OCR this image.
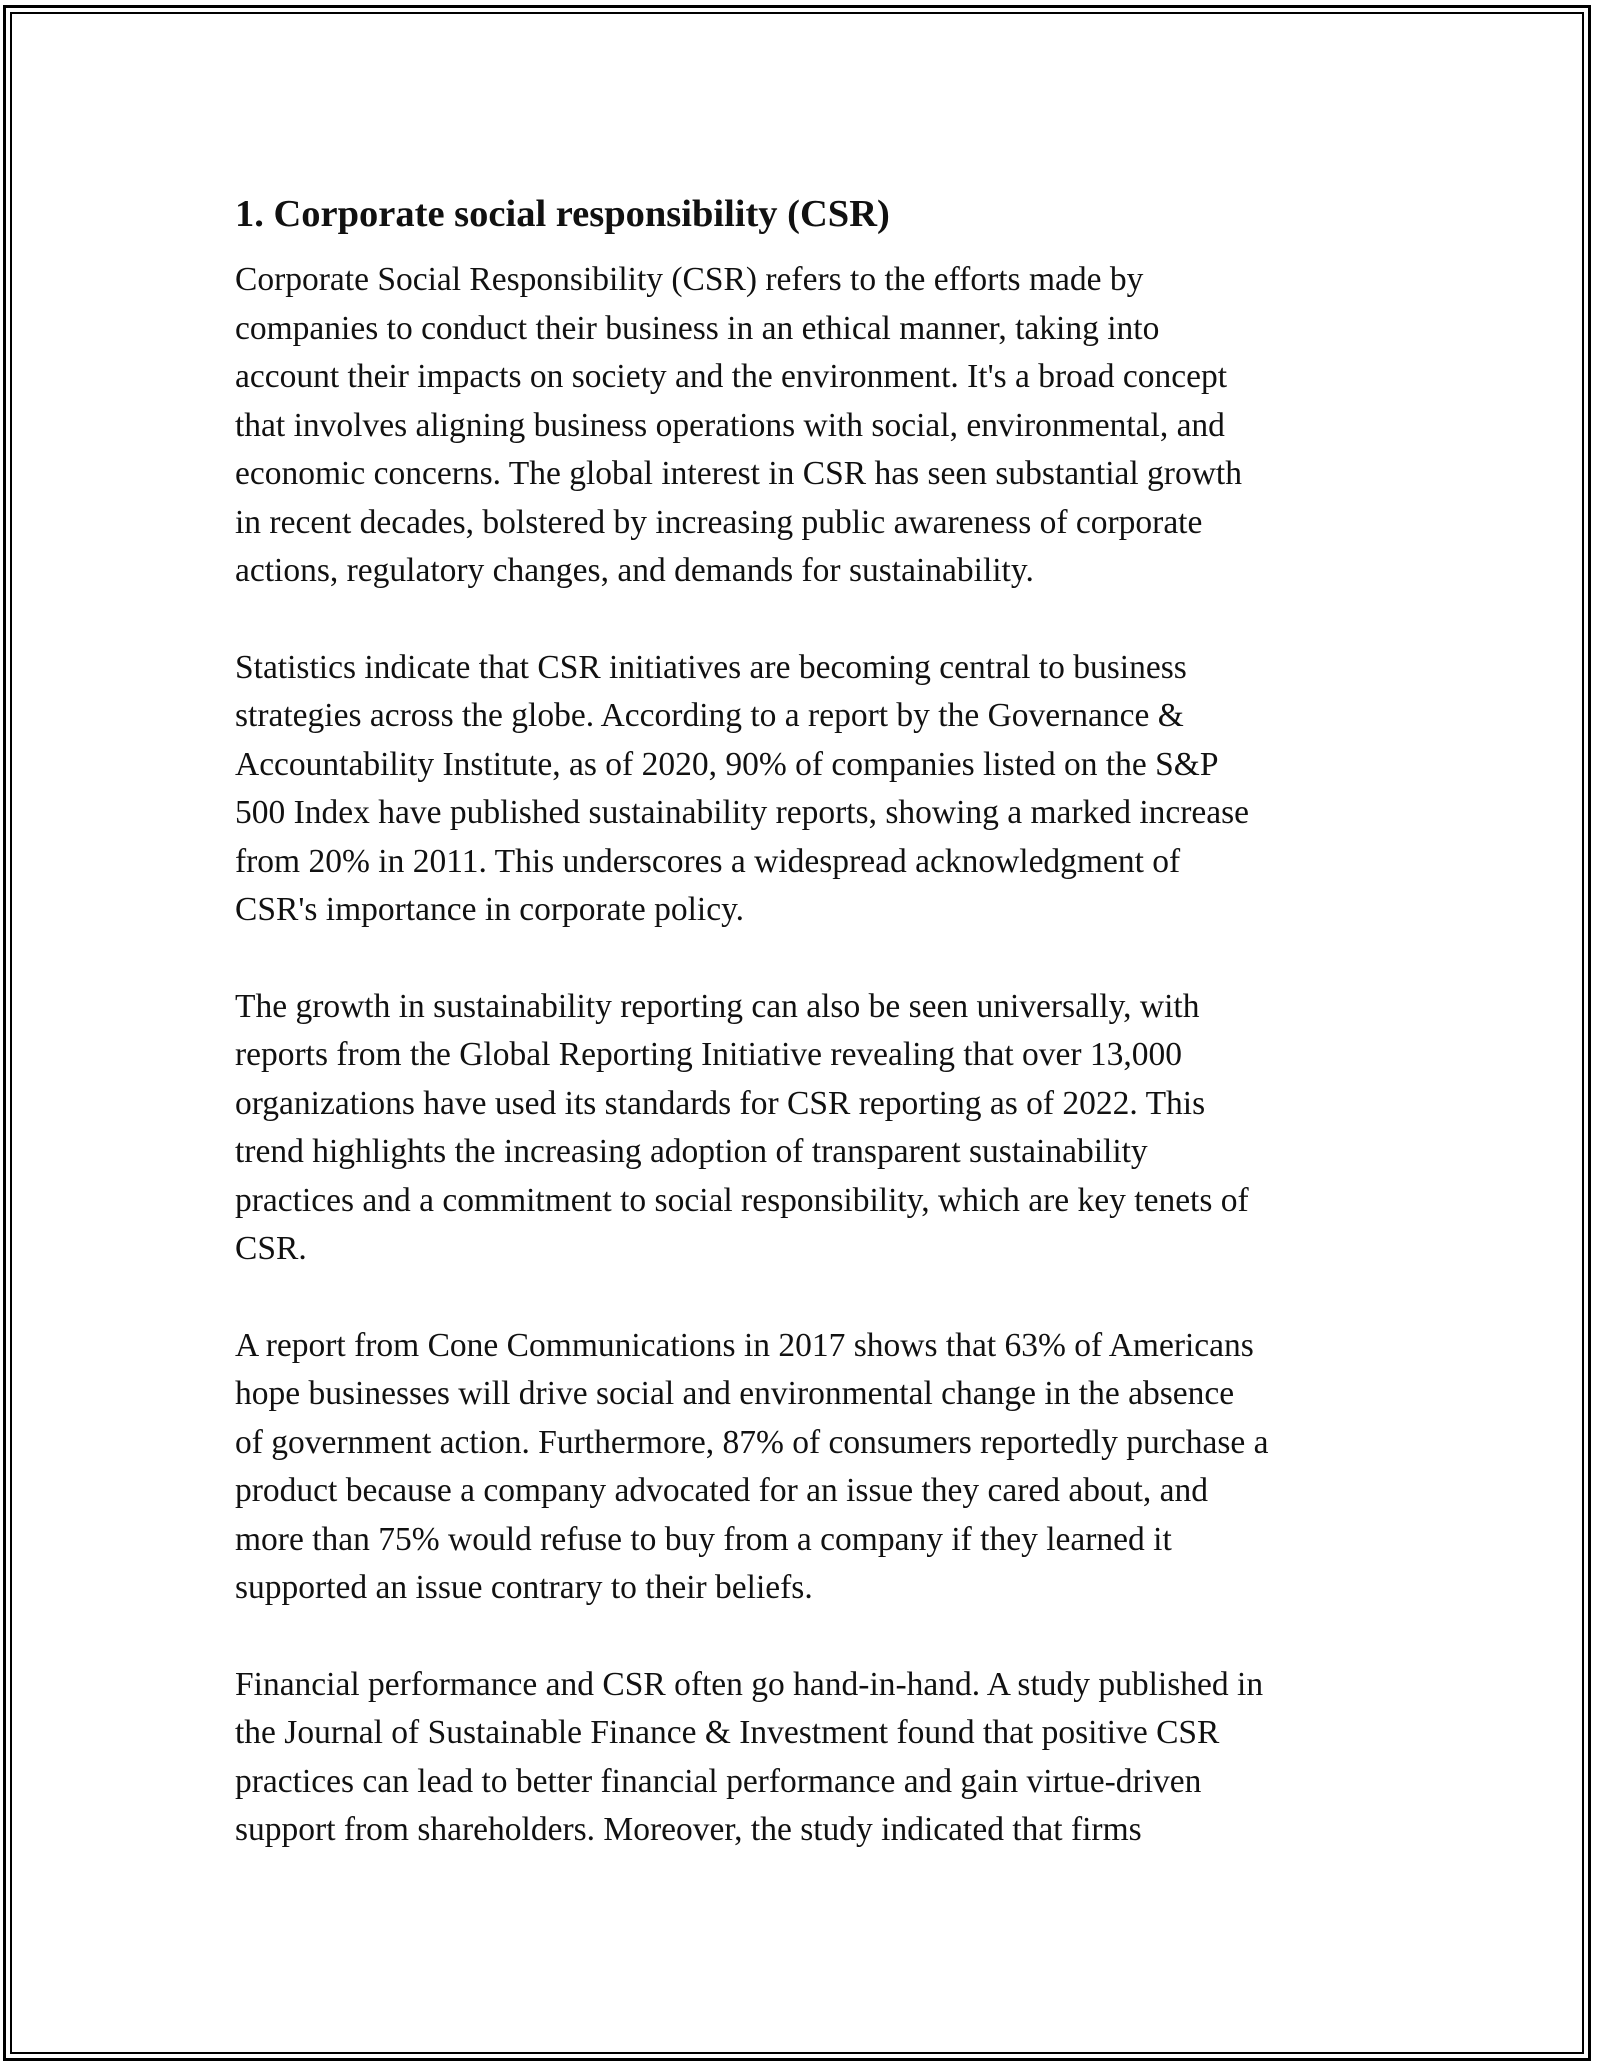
1. Corporate social responsibility (CSR)
Corporate Social Responsibility (CSR) refers to the efforts made by
companies to conduct their business in an ethical manner, taking into
account their impacts on society and the environment. It's a broad concept
that involves aligning business operations with social, environmental, and
economic concerns. The global interest in CSR has seen substantial growth
in recent decades, bolstered by increasing public awareness of corporate
actions, regulatory changes, and demands for sustainability.
Statistics indicate that CSR initiatives are becoming central to business
strategies across the globe. According to a report by the Governance &
Accountability Institute, as of 2020, 90% of companies listed on the S&P
500 Index have published sustainability reports, showing a marked increase
from 20% in 2011. This underscores a widespread acknowledgment of
CSR's importance in corporate policy.
The growth in sustainability reporting can also be seen universally, with
reports from the Global Reporting Initiative revealing that over 13,000
organizations have used its standards for CSR reporting as of 2022. This
trend highlights the increasing adoption of transparent sustainability
practices and a commitment to social responsibility, which are key tenets of
CSR.
A report from Cone Communications in 2017 shows that 63% of Americans
hope businesses will drive social and environmental change in the absence
of government action. Furthermore, 87% of consumers reportedly purchase a
product because a company advocated for an issue they cared about, and
more than 75% would refuse to buy from a company if they learned it
supported an issue contrary to their beliefs.
Financial performance and CSR often go hand-in-hand. A study published in
the Journal of Sustainable Finance & Investment found that positive CSR
practices can lead to better financial performance and gain virtue-driven
support from shareholders. Moreover, the study indicated that firms
